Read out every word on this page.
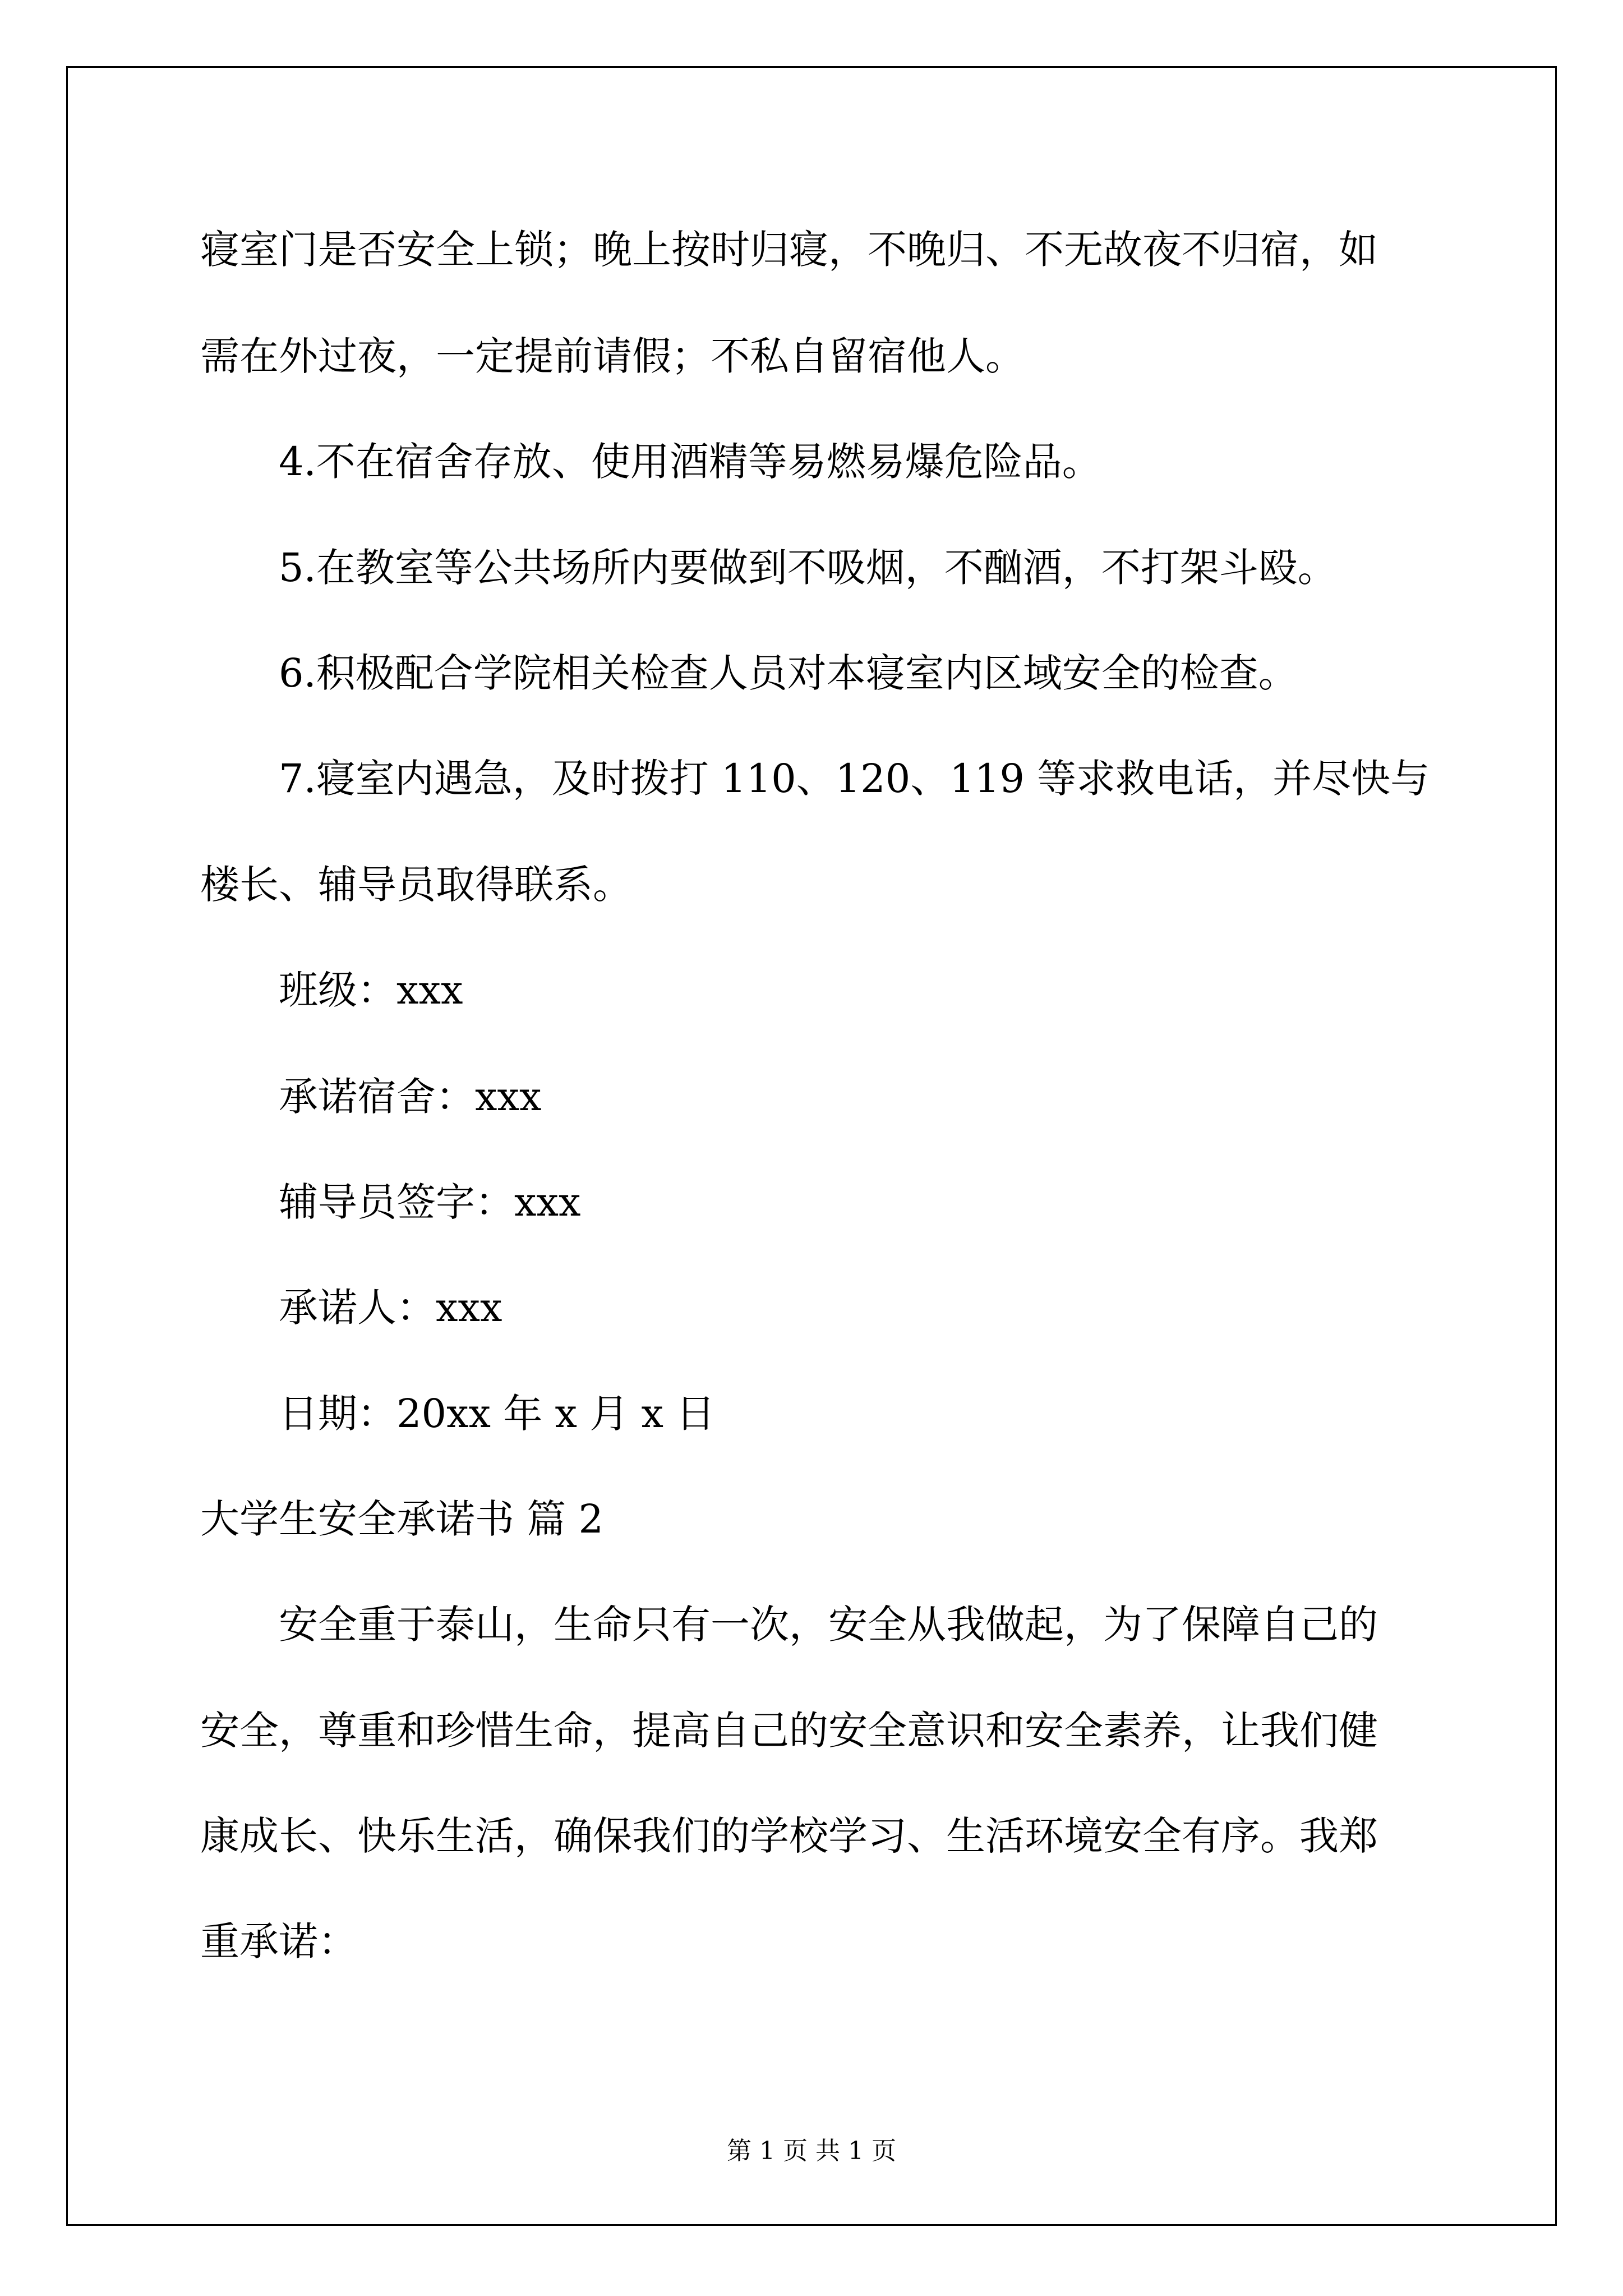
寝室门是否安全上锁；晚上按时归寝，不晚归、不无故夜不归宿，如

需在外过夜，一定提前请假；不私自留宿他人。

4.不在宿舍存放、使用酒精等易燃易爆危险品。

5.在教室等公共场所内要做到不吸烟，不酗酒，不打架斗殴。

6.积极配合学院相关检查人员对本寝室内区域安全的检查。

7.寝室内遇急，及时拨打 110、120、119 等求救电话，并尽快与

楼长、辅导员取得联系。

班级：xxx

承诺宿舍：xxx

辅导员签字：xxx

承诺人：xxx

日期：20xx 年 x 月 x 日

大学生安全承诺书 篇 2

安全重于泰山，生命只有一次，安全从我做起，为了保障自己的

安全，尊重和珍惜生命，提高自己的安全意识和安全素养，让我们健

康成长、快乐生活，确保我们的学校学习、生活环境安全有序。我郑

重承诺：

第 1 页 共 1 页
